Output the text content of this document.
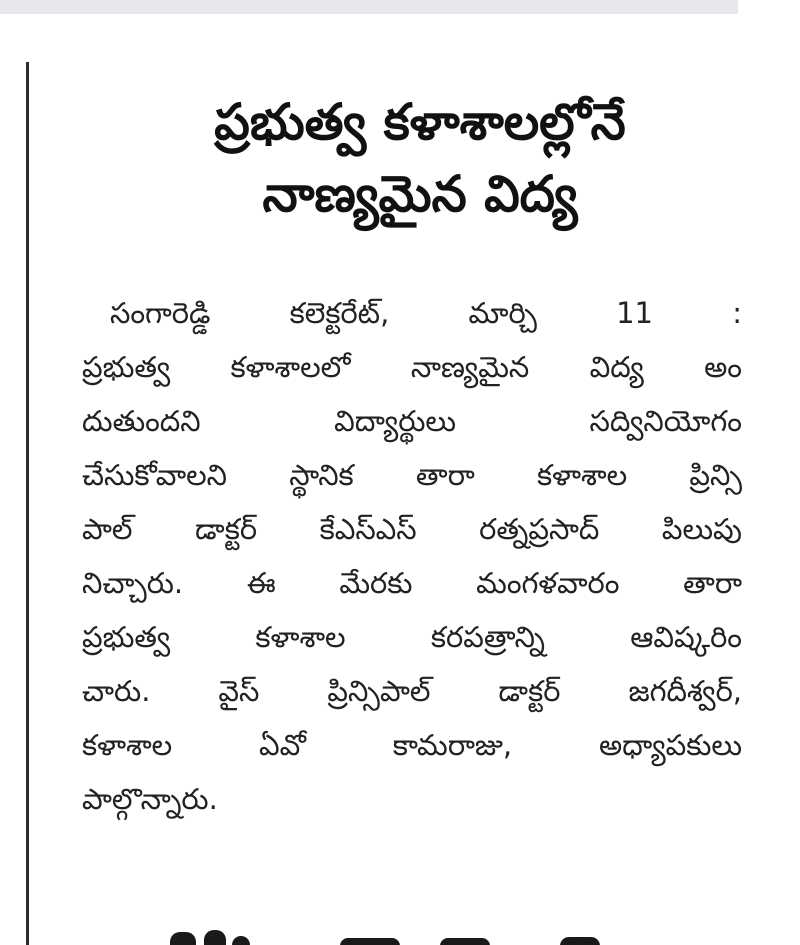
ప్రభుత్వ కళాశాలల్లోనే
నాణ్యమైన విద్య
సంగారెడ్డి కలెక్టరేట్, మార్చి 11 :
ప్రభుత్వ కళాశాలలో నాణ్యమైన విద్య అం
దుతుందని విద్యార్థులు సద్వినియోగం
చేసుకోవాలని స్థానిక తారా కళాశాల ప్రిన్సి
పాల్ డాక్టర్ కేఎస్ఎస్ రత్నప్రసాద్ పిలుపు
నిచ్చారు. ఈ మేరకు మంగళవారం తారా
ప్రభుత్వ కళాశాల కరపత్రాన్ని ఆవిష్కరిం
చారు. వైస్ ప్రిన్సిపాల్ డాక్టర్ జగదీశ్వర్,
కళాశాల ఏవో కామరాజు, అధ్యాపకులు
పాల్గొన్నారు.
